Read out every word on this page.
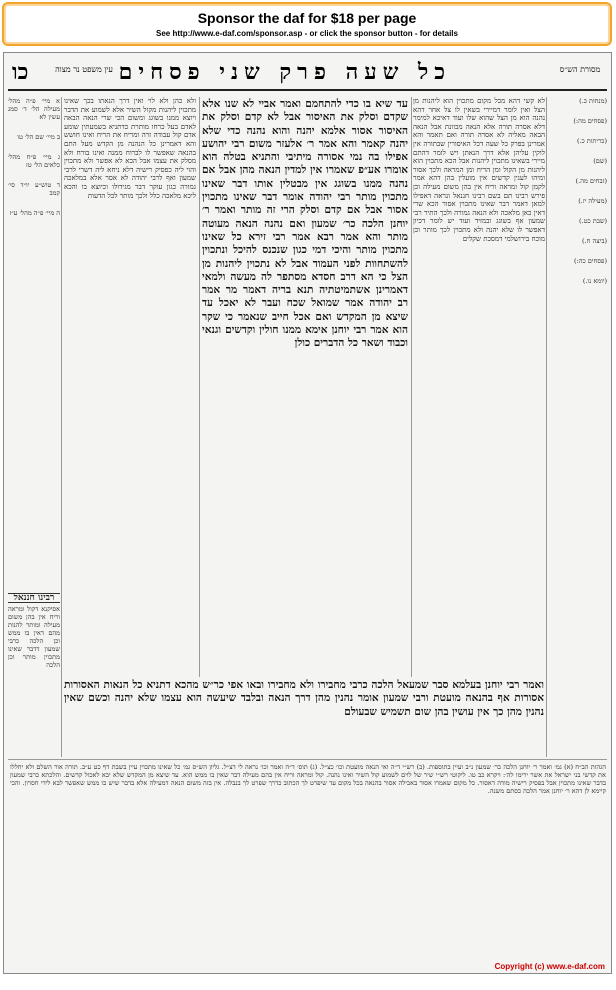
Sponsor the daf for $18 per page
See http://www.e-daf.com/sponsor.asp - or click the sponsor button - for details
מסורת הש״ס
כל שעה פרק שני פסחים
עין משפט נר מצוה
כו
(מנחות כ.)
(פסחים מה:)
(כריתות כ.)
(שם)
(זבחים מה.)
(מעילה יז.)
(שבת כט.)
(ביצה ח.)
(פסחים כה:)
(יומא נו.)
לא קשי דהא מכל מקום מתכוין הוא ליהנות מן הצל ואין לומר דמיירי בשאין לו צל אחר דהא נהנה הוא מן הצל שהוא שלו ועוד דאיכא למימר דלא אסרה תורה אלא הנאה מכוונת אבל הנאה הבאה מאליה לא אסרה תורה ואם תאמר והא אמרינן בפרק כל שעה דכל האיסורין שבתורה אין לוקין עליהן אלא דרך הנאתן ויש לומר דהתם מיירי בשאינו מתכוין ליהנות אבל הכא מתכוין הוא ליהנות מן הקול ומן הריח ומן המראה ולכך אסור ומיהו לענין קדשים אין מועלין בהן דהא אמר לקמן קול ומראה וריח אין בהן משום מעילה וכן פירש רבינו תם בשם רבינו חננאל ונראה דאפילו למאן דאמר דבר שאינו מתכוין אסור הכא שרי דאין כאן מלאכה ולא הנאה גמורה ולכך התיר רבי שמעון אף בשוגג ובמזיד ועוד יש לומר דכיון דאפשר לו שלא יהנה ולא מתכוין לכך מותר וכן מוכח בירושלמי דמסכת שקלים
עד שיא בו כדי להתחמם ואמר אביי לא שנו אלא שקדם וסלק את האיסור אבל לא קדם וסלק את האיסור אסור אלמא יהנה והוא נהנה כדי שלא יהנה קאמר והא אמר ר׳ אלעזר משום רבי יהושע אפילו בה נמי אסורה מיתיבי והתניא בטלה הוא אומרו אע״פ שאמרו אין למדין הנאה מהן אבל אם נהנה ממנו בשוגג אין מבטלין אותו דבר שאינו מתכוין מותר רבי יהודה אומר דבר שאינו מתכוין אסור אבל אם קדם וסלק הרי זה מותר ואמר ר׳ יוחנן הלכה כר׳ שמעון ואם נהנה הנאה מעוטה מותר והא אמר רבא אמר רבי זירא כל שאינו מתכוין מותר והיכי דמי כגון שנכנס להיכל ונתכוין להשתחוות לפני העמוד אבל לא נתכוין ליהנות מן הצל כי הא דרב חסדא מסתפר לה מעשה ולמאי דאמרינן אשתמיטתיה תנא בריה דאמר מר אמר רב יהודה אמר שמואל שכח ועבר לא יאכל עד שיצא מן המקדש ואם אכל חייב שנאמר כי שקר הוא אמר רבי יוחנן אימא ממנו חולין וקדשים וגנאי וכבוד ושאר כל הדברים כולן
ולא כהן ולא לוי ואין דרך הנאתו בכך שאינו מתכוין ליהנות מקול השיר אלא לשמוע את הדבר ויוצא ממנו בשוגג ומשום הכי שרי הנאה הבאה לאדם בעל כרחו מותרת כדתניא בשמעתין שומע אדם קול עבודה זרה ומריח את הריח ואינו חושש והא דאמרינן כל הנהנה מן הקדש מעל התם בהנאה שאפשר לו לברוח ממנה ואינו בורח ולא מסלק את עצמו אבל הכא לא אפשר ולא מתכוין והוי ליה כפסיק רישיה דלא ניחא ליה דשרי לרבי שמעון ואף לרבי יהודה לא אסר אלא במלאכה גמורה כגון עוקר דבר מגידולו וכיוצא בו והכא ליכא מלאכה כלל ולכך מותר לכל הדעות
א מיי׳ פ״ה מהל׳ מעילה הל׳ ד׳ סמג עשין לא
ב מיי׳ שם הל׳ טו
ג מיי׳ פ״ח מהל׳ כלאים הל׳ טז
ד טוש״ע יו״ד סי׳ קמב
ה מיי׳ פ״ה מהל׳ ע״ז
רבינו חננאל
אסיקנא דקול ומראה וריח אין בהן משום מעילה ומותר להנות מהם דאין בו ממש וכן הלכה כרבי שמעון דדבר שאינו מתכוין מותר וכן הלכה
ואמר רבי יוחנן בעלמא סבר שמעאל הלכה כרבי מחבירו ולא מחבירו ובאו אפי כר״ש מהכא דתניא כל הנאות האסורות אסורות אף בהנאה מועטת ורבי שמעון אומר נהנין מהן דרך הנאה ובלבד שיעשה הוא עצמו שלא יהנה וכשם שאין נהנין מהן כך אין עושין בהן שום תשמיש שבעולם
הגהות הב״ח (א) גמ׳ ואמר ר׳ יוחנן הלכה כר׳ שמעון נ״ב ועיין בתוספות. (ב) רש״י ד״ה ואי הנאה מועטת וכו׳ כצ״ל. (ג) תוס׳ ד״ה ואמר וכו׳ נראה לי דצ״ל. גליון הש״ס גמ׳ כל שאינו מתכוין עיין בשבת דף כט ע״ב. תורה אור השלם ולא יחללו את קדשי בני ישראל את אשר ירימו לה׳: ויקרא כב טו. ליקוטי רש״י שיר של לוים לשמוע קול השיר ואינו נהנה. קול ומראה וריח אין בהם מעילה דבר שאין בו ממש הוא. עד שיצא מן המקדש שלא יבא לאכול קדשים. והלכתא כרבי שמעון בדבר שאינו מתכוין אבל בפסיק רישיה מודה דאסור. כל מקום שאמרו אסור באכילה אסור בהנאה בכל מקום עד שיפרט לך הכתוב כדרך שפרט לך בנבלה. אין בזה משום הנאה דמעילה אלא בדבר שיש בו ממש שאפשר לבא לידי חסרון. והכי קיימא לן דהא ר׳ יוחנן אמר הלכה כסתם משנה.
Copyright (c) www.e-daf.com
